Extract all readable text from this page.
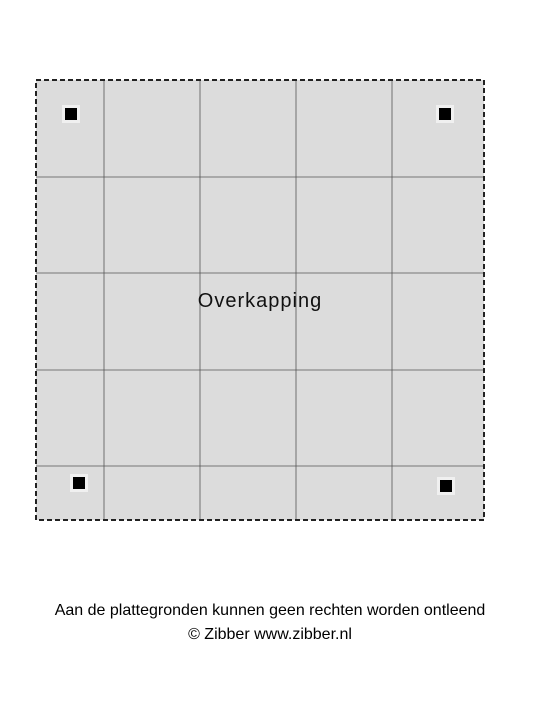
Overkapping
Aan de plattegronden kunnen geen rechten worden ontleend
© Zibber www.zibber.nl
